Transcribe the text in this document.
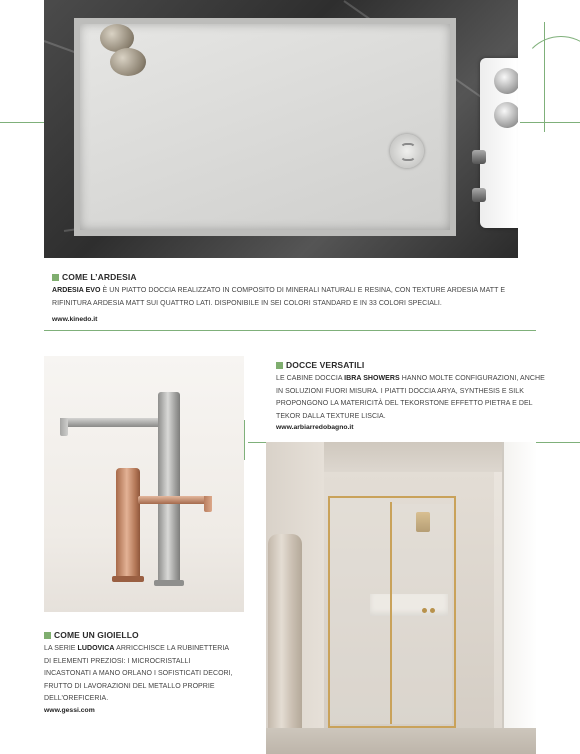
COME L’ARDESIA
ARDESIA EVO È UN PIATTO DOCCIA REALIZZATO IN COMPOSITO DI MINERALI NATURALI E RESINA, CON TEXTURE ARDESIA MATT E
RIFINITURA ARDESIA MATT SUI QUATTRO LATI. DISPONIBILE IN SEI COLORI STANDARD E IN 33 COLORI SPECIALI.
www.kinedo.it
DOCCE VERSATILI
LE CABINE DOCCIA IBRA SHOWERS HANNO MOLTE CONFIGURAZIONI, ANCHE
IN SOLUZIONI FUORI MISURA. I PIATTI DOCCIA ARYA, SYNTHESIS E SILK
PROPONGONO LA MATERICITÀ DEL TEKORSTONE EFFETTO PIETRA E DEL
TEKOR DALLA TEXTURE LISCIA.
www.arbiarredobagno.it
COME UN GIOIELLO
LA SERIE LUDOVICA ARRICCHISCE LA RUBINETTERIA
DI ELEMENTI PREZIOSI: I MICROCRISTALLI
INCASTONATI A MANO ORLANO I SOFISTICATI DECORI,
FRUTTO DI LAVORAZIONI DEL METALLO PROPRIE
DELL’OREFICERIA.
www.gessi.com
